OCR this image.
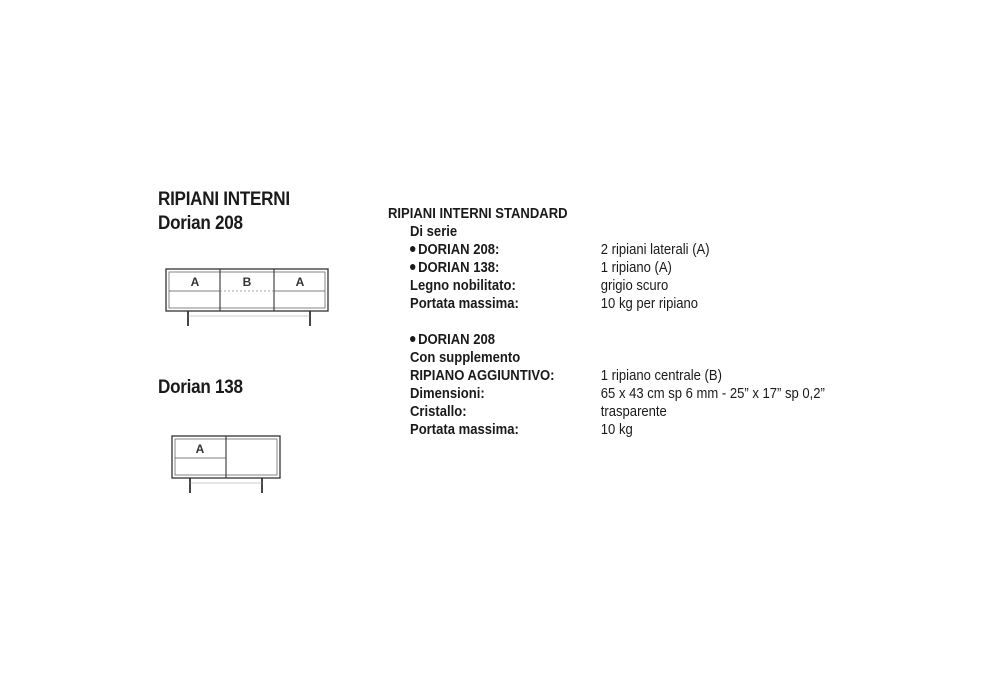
RIPIANI INTERNI
Dorian 208
A	B	A
Dorian 138
A
RIPIANI INTERNI STANDARD
Di serie
DORIAN 208:	2 ripiani laterali (A)
DORIAN 138:	1 ripiano (A)
Legno nobilitato:	grigio scuro
Portata massima:	10 kg per ripiano
DORIAN 208
Con supplemento
RIPIANO AGGIUNTIVO:	1 ripiano centrale (B)
Dimensioni:	65 x 43 cm sp 6 mm - 25” x 17” sp 0,2”
Cristallo:	trasparente
Portata massima:	10 kg
